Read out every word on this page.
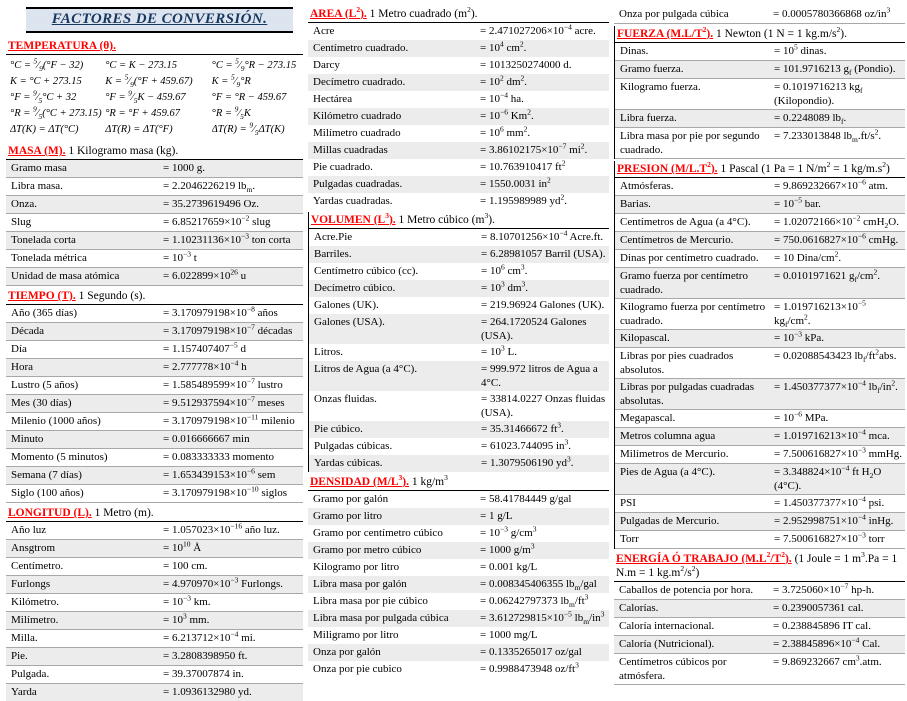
FACTORES DE CONVERSIÓN.
TEMPERATURA (θ).
$^\circ C = ^5⁄_9(^\circ F - 32)$	°C = K − 273.15	$^\circ C = ^5⁄_9^\circ R - 273.15$
K = °C + 273.15	$K = ^5⁄_9(^\circ F + 459.67)$	$K = ^5⁄_9^\circ R$
$^\circ F = ^9⁄_5^\circ C + 32$	$^\circ F = ^9⁄_5K - 459.67$	°F = °R − 459.67
$^\circ R = ^9⁄_5(^\circ C + 273.15) ^\circ R = ^\circ F + 459.67$	$^\circ R = ^9⁄_5K$
ΔT(K) = ΔT(°C)	ΔT(R) = ΔT(°F)	$\Delta T(R) = ^9⁄_5\Delta T(K)$
MASA (M). 1 Kilogramo masa (kg).
Gramo masa	= 1000 g.
Libra masa.	= 2.2046226219 $lb_m$.
Onza.	= 35.2739619496 Oz.
Slug	= $6.85217659\times 10^{-2}$ slug
Tonelada corta	= $1.10231136\times 10^{-3}$ ton corta
Tonelada métrica	= $10^{-3}$ t
Unidad de masa atómica	= $6.022899\times 10^{26}$ u
TIEMPO (T). 1 Segundo (s).
Año (365 días)	= $3.170979198\times 10^{-8}$ años
Década	= $3.170979198\times 10^{-7}$ décadas
Día	= $1.157407407^{-5}$ d
Hora	= $2.777778\times 10^{-4}$ h
Lustro (5 años)	= $1.585489599\times 10^{-7}$ lustro
Mes (30 días)	= $9.512937594\times 10^{-7}$ meses
Milenio (1000 años)	= $3.170979198\times 10^{-11}$ milenio
Minuto	= 0.016666667 min
Momento (5 minutos)	= 0.083333333 momento
Semana (7 días)	= $1.653439153\times 10^{-6}$ sem
Siglo (100 años)	= $3.170979198\times 10^{-10}$ siglos
LONGITUD (L). 1 Metro (m).
Año luz	= $1.057023\times 10^{-16}$ año luz.
Ansgtrom	= $10^{10}$ Å
Centímetro.	= 100 cm.
Furlongs	= $4.970970\times 10^{-3}$ Furlongs.
Kilómetro.	= $10^{-3}$ km.
Milímetro.	= $10^3$ mm.
Milla.	= $6.213712\times 10^{-4}$ mi.
Pie.	= 3.2808398950 ft.
Pulgada.	= 39.37007874 in.
Yarda	= 1.0936132980 yd.
AREA $(L^2)$. 1 Metro cuadrado $(m^2)$.
Acre	= $2.471027206\times 10^{-4}$ acre.
Centímetro cuadrado.	= $10^4$ $cm^2$.
Darcy	= 1013250274000 d.
Decímetro cuadrado.	= $10^2$ $dm^2$.
Hectárea	= $10^{-4}$ ha.
Kilómetro cuadrado	= $10^{-6}$ Km$^2$.
Milímetro cuadrado	= $10^6$ $mm^2$.
Millas cuadradas	= $3.86102175\times 10^{-7}$ $mi^2$.
Pie cuadrado.	= 10.763910417 $ft^2$
Pulgadas cuadradas.	= 1550.0031 $in^2$
Yardas cuadradas.	= 1.195989989 $yd^2$.
VOLUMEN $(L^3)$. 1 Metro cúbico $(m^3)$.
Acre.Pie	= $8.10701256\times 10^{-4}$ Acre.ft.
Barriles.	= 6.28981057 Barril (USA).
Centímetro cúbico (cc).	= $10^6$ $cm^3$.
Decímetro cúbico.	= $10^3$ $dm^3$.
Galones (UK).	= 219.96924 Galones (UK).
Galones (USA).	= 264.1720524 Galones (USA).
Litros.	= $10^3$ L.
Litros de Agua (a 4°C).	= 999.972 litros de Agua a 4°C.
Onzas fluidas.	= 33814.0227 Onzas fluidas (USA).
Pie cúbico.	= 35.31466672 $ft^3$.
Pulgadas cúbicas.	= 61023.744095 $in^3$.
Yardas cúbicas.	= 1.3079506190 $yd^3$.
DENSIDAD $(M/L^3)$. 1 $kg/m^3$
Gramo por galón	= 58.41784449 g/gal
Gramo por litro	= 1 g/L
Gramo por centímetro cúbico	= $10^{-3}$ $g/cm^3$
Gramo por metro cúbico	= 1000 $g/m^3$
Kilogramo por litro	= 0.001 kg/L
Libra masa por galón	= 0.008345406355 $lb_m$/gal
Libra masa por pie cúbico	= 0.06242797373 $lb_m/ft^3$
Libra masa por pulgada cúbica	= $3.612729815\times 10^{-5}$ $lb_m/in^3$
Miligramo por litro	= 1000 mg/L
Onza por galón	= 0.1335265017 oz/gal
Onza por pie cubico	= 0.9988473948 $oz/ft^3$
Onza por pulgada cúbica	= 0.0005780366868 $oz/in^3$
FUERZA $(M.L/T^2)$. 1 Newton (1 N = 1 $kg.m/s^2$).
Dinas.	= $10^5$ dinas.
Gramo fuerza.	= 101.9716213 $g_f$ (Pondio).
Kilogramo fuerza.	= 0.1019716213 $kg_f$ (Kilopondio).
Libra fuerza.	= 0.2248089 $lb_f$.
Libra masa por pie por segundo cuadrado.
= 7.233013848 $lb_m.ft/s^2$.
PRESION $(M/L.T^2)$. 1 Pascal (1 Pa = 1 $N/m^2 = 1$ $kg/m.s^2$)
Atmósferas.	= $9.869232667\times 10^{-6}$ atm.
Barias.	= $10^{-5}$ bar.
Centímetros de Agua (a 4°C).	= $1.02072166\times 10^{-2}$ cmH$_2$O.
Centímetros de Mercurio.	= $750.0616827\times 10^{-6}$ cmHg.
Dinas por centímetro cuadrado.	= 10 Dina/$cm^2$.
Gramo fuerza por centímetro cuadrado.
= 0.0101971621 $g_f/cm^2$.
Kilogramo fuerza por centímetro cuadrado.
= $1.019716213\times 10^{-5}$ $kg_f/cm^2$.
Kilopascal.	= $10^{-3}$ kPa.
Libras por pies cuadrados absolutos.
= 0.02088543423 $lb_f/ft^2abs$.
Libras por pulgadas cuadradas absolutas.
= $1.450377377\times 10^{-4}$ $lb_f/in^2$.
Megapascal.	= $10^{-6}$ MPa.
Metros columna agua	= $1.019716213\times 10^{-4}$ mca.
Milímetros de Mercurio.	= $7.500616827\times 10^{-3}$ mmHg.
Pies de Agua (a 4°C).	= $3.348824\times 10^{-4}$ ft $H_2O$ (4°C).
PSI	= $1.450377377\times 10^{-4}$ psi.
Pulgadas de Mercurio.	= $2.952998751\times 10^{-4}$ inHg.
Torr	= $7.500616827\times 10^{-3}$ torr
ENERGÍA Ó TRABAJO $(M.L^2/T^2)$. (1 Joule = 1 $m^3.Pa = 1$ N.m = 1 $kg.m^2/s^2$)
Caballos de potencia por hora.	= $3.725060\times 10^{-7}$ hp-h.
Calorías.	= 0.2390057361 cal.
Caloría internacional.	= 0.238845896 IT cal.
Caloría (Nutricional).	= $2.38845896\times 10^{-4}$ Cal.
Centímetros cúbicos por atmósfera.
= 9.869232667 $cm^3.atm$.
